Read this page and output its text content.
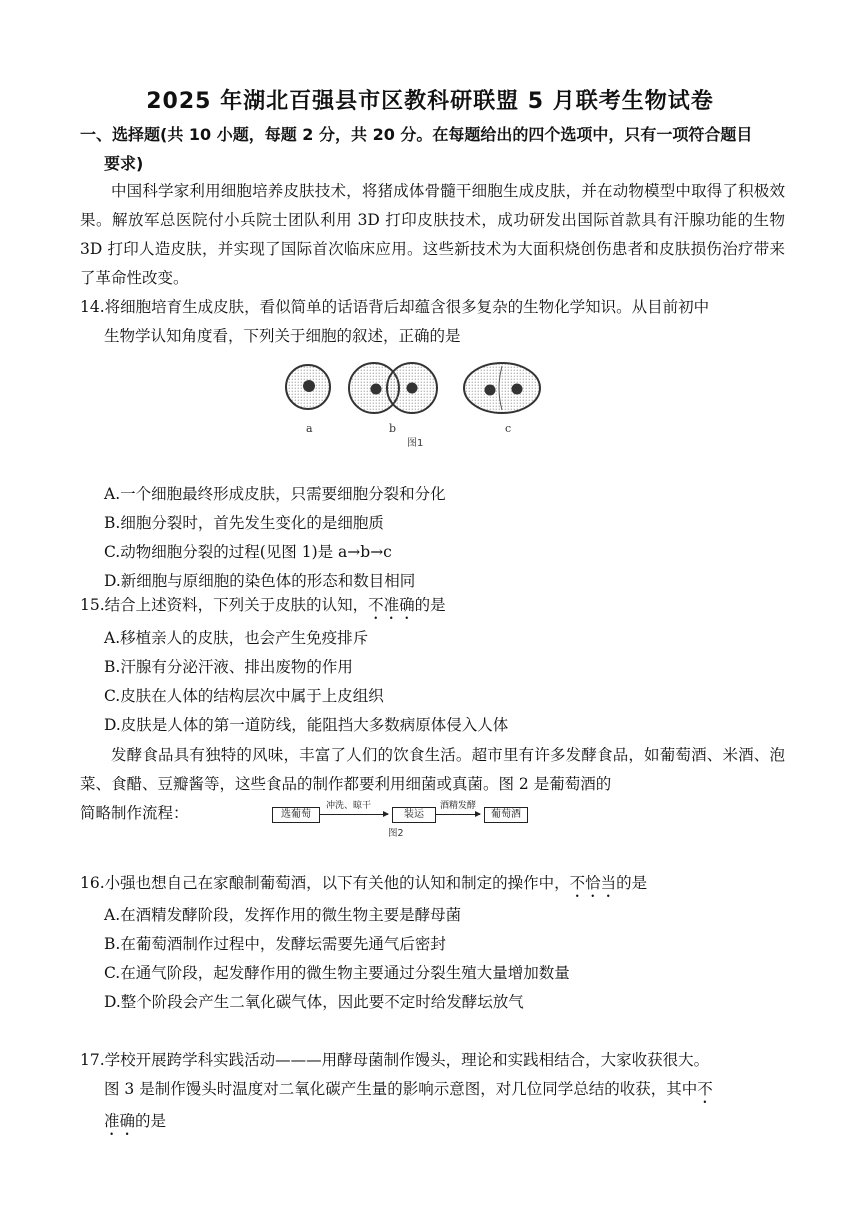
2025 年湖北百强县市区教科研联盟 5 月联考生物试卷
一、选择题(共 10 小题，每题 2 分，共 20 分。在每题给出的四个选项中，只有一项符合题目
要求)
中国科学家利用细胞培养皮肤技术，将猪成体骨髓干细胞生成皮肤，并在动物模型中取得了积极效果。解放军总医院付小兵院士团队利用 3D 打印皮肤技术，成功研发出国际首款具有汗腺功能的生物 3D 打印人造皮肤，并实现了国际首次临床应用。这些新技术为大面积烧创伤患者和皮肤损伤治疗带来了革命性改变。
14.将细胞培育生成皮肤，看似简单的话语背后却蕴含很多复杂的生物化学知识。从目前初中
生物学认知角度看，下列关于细胞的叙述，正确的是
a	b	c
图1
A.一个细胞最终形成皮肤，只需要细胞分裂和分化
B.细胞分裂时，首先发生变化的是细胞质
C.动物细胞分裂的过程(见图 1)是 a→b→c
D.新细胞与原细胞的染色体的形态和数目相同
15.结合上述资料，下列关于皮肤的认知，不准确的是
A.移植亲人的皮肤，也会产生免疫排斥
B.汗腺有分泌汗液、排出废物的作用
C.皮肤在人体的结构层次中属于上皮组织
D.皮肤是人体的第一道防线，能阻挡大多数病原体侵入人体
发酵食品具有独特的风味，丰富了人们的饮食生活。超市里有许多发酵食品，如葡萄酒、米酒、泡菜、食醋、豆瓣酱等，这些食品的制作都要利用细菌或真菌。图 2 是葡萄酒的
简略制作流程：	选葡萄
冲洗、晾干
装运
酒精发酵
葡萄酒
图2
16.小强也想自己在家酿制葡萄酒，以下有关他的认知和制定的操作中，不恰当的是
A.在酒精发酵阶段，发挥作用的微生物主要是酵母菌
B.在葡萄酒制作过程中，发酵坛需要先通气后密封
C.在通气阶段，起发酵作用的微生物主要通过分裂生殖大量增加数量
D.整个阶段会产生二氧化碳气体，因此要不定时给发酵坛放气
17.学校开展跨学科实践活动———用酵母菌制作馒头，理论和实践相结合，大家收获很大。
图 3 是制作馒头时温度对二氧化碳产生量的影响示意图，对几位同学总结的收获，其中不
准确的是
